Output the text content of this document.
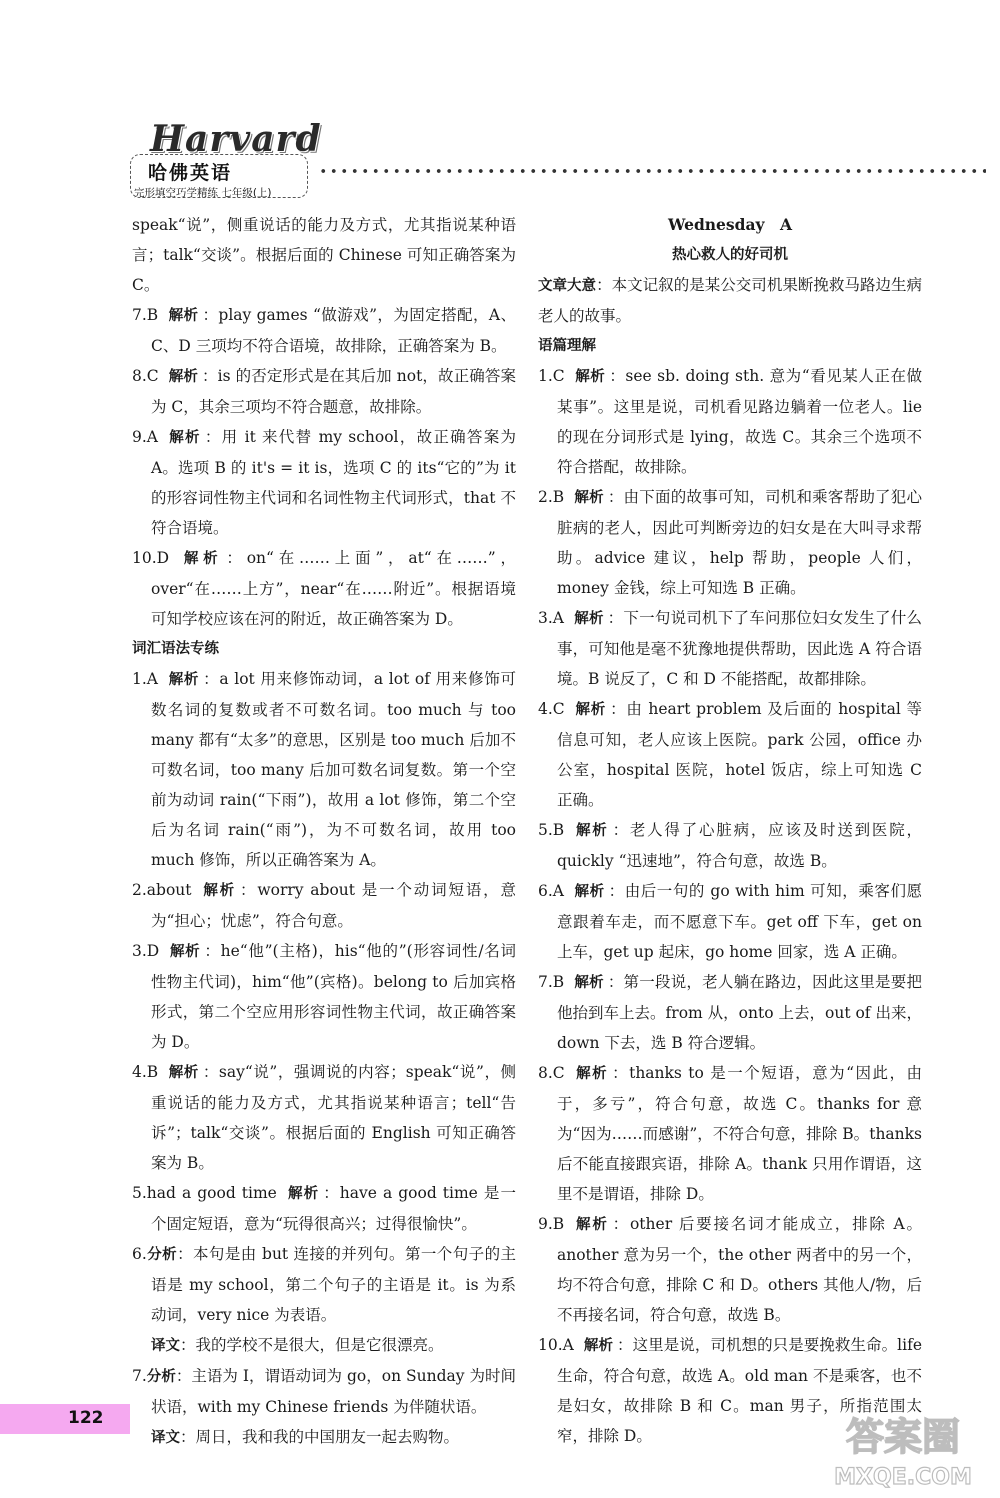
Harvard
哈佛英语
完形填空巧学精练 七年级(上)

speak“说”，侧重说话的能力及方式，尤其指说某种语言；talk“交谈”。根据后面的 Chinese 可知正确答案为 C。

7.B 解析 ：play games “做游戏”，为固定搭配，A、C、D 三项均不符合语境，故排除，正确答案为 B。

8.C 解析 ：is 的否定形式是在其后加 not，故正确答案为 C，其余三项均不符合题意，故排除。

9.A 解析 ：用 it 来代替 my school，故正确答案为 A。选项 B 的 it's = it is，选项 C 的 its“它的”为 it 的形容词性物主代词和名词性物主代词形式，that 不符合语境。

10.D 解析 ：on“在……上面”，at“在……”，over“在……上方”，near“在……附近”。根据语境可知学校应该在河的附近，故正确答案为 D。

词汇语法专练

1.A 解析 ：a lot 用来修饰动词，a lot of 用来修饰可数名词的复数或者不可数名词。too much 与 too many 都有“太多”的意思，区别是 too much 后加不可数名词，too many 后加可数名词复数。第一个空前为动词 rain(“下雨”)，故用 a lot 修饰，第二个空后为名词 rain(“雨”)，为不可数名词，故用 too much 修饰，所以正确答案为 A。

2.about 解析 ：worry about 是一个动词短语，意为“担心；忧虑”，符合句意。

3.D 解析 ：he“他”(主格)，his“他的”(形容词性/名词性物主代词)，him“他”(宾格)。belong to 后加宾格形式，第二个空应用形容词性物主代词，故正确答案为 D。

4.B 解析 ：say“说”，强调说的内容；speak“说”，侧重说话的能力及方式，尤其指说某种语言；tell“告诉”；talk“交谈”。根据后面的 English 可知正确答案为 B。

5.had a good time 解析 ：have a good time 是一个固定短语，意为“玩得很高兴；过得很愉快”。

6.分析：本句是由 but 连接的并列句。第一个句子的主语是 my school，第二个句子的主语是 it。is 为系动词，very nice 为表语。

译文：我的学校不是很大，但是它很漂亮。

7.分析：主语为 I，谓语动词为 go，on Sunday 为时间状语，with my Chinese friends 为伴随状语。

译文：周日，我和我的中国朋友一起去购物。

Wednesday　A

热心救人的好司机

文章大意：本文记叙的是某公交司机果断挽救马路边生病老人的故事。

语篇理解

1.C 解析 ：see sb. doing sth. 意为“看见某人正在做某事”。这里是说，司机看见路边躺着一位老人。lie 的现在分词形式是 lying，故选 C。其余三个选项不符合搭配，故排除。

2.B 解析 ：由下面的故事可知，司机和乘客帮助了犯心脏病的老人，因此可判断旁边的妇女是在大叫寻求帮助。advice 建议，help 帮助，people 人们，money 金钱，综上可知选 B 正确。

3.A 解析 ：下一句说司机下了车问那位妇女发生了什么事，可知他是毫不犹豫地提供帮助，因此选 A 符合语境。B 说反了，C 和 D 不能搭配，故都排除。

4.C 解析 ：由 heart problem 及后面的 hospital 等信息可知，老人应该上医院。park 公园，office 办公室，hospital 医院，hotel 饭店，综上可知选 C 正确。

5.B 解析 ：老人得了心脏病，应该及时送到医院，quickly “迅速地”，符合句意，故选 B。

6.A 解析 ：由后一句的 go with him 可知，乘客们愿意跟着车走，而不愿意下车。get off 下车，get on 上车，get up 起床，go home 回家，选 A 正确。

7.B 解析 ：第一段说，老人躺在路边，因此这里是要把他抬到车上去。from 从，onto 上去，out of 出来，down 下去，选 B 符合逻辑。

8.C 解析 ：thanks to 是一个短语，意为“因此，由于，多亏”，符合句意，故选 C。thanks for 意为“因为……而感谢”，不符合句意，排除 B。thanks 后不能直接跟宾语，排除 A。thank 只用作谓语，这里不是谓语，排除 D。

9.B 解析 ：other 后要接名词才能成立，排除 A。another 意为另一个，the other 两者中的另一个，均不符合句意，排除 C 和 D。others 其他人/物，后不再接名词，符合句意，故选 B。

10.A 解析 ：这里是说，司机想的只是要挽救生命。life 生命，符合句意，故选 A。old man 不是乘客，也不是妇女，故排除 B 和 C。man 男子，所指范围太窄，排除 D。

122	答案圈
MXQE.COM
